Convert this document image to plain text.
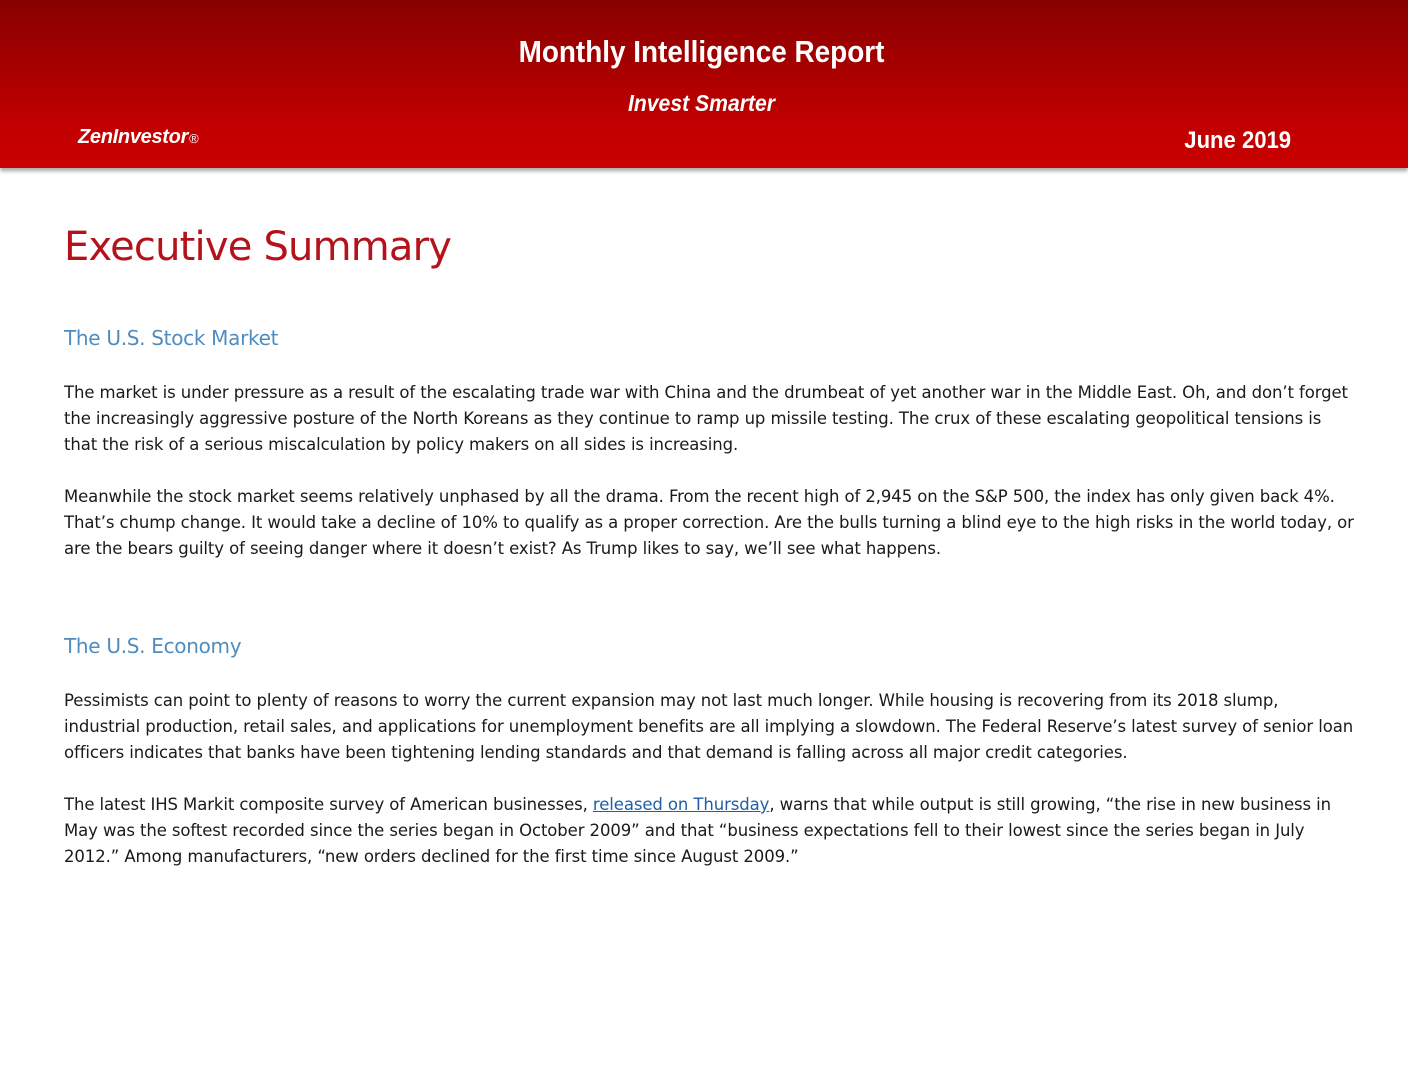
Monthly Intelligence Report
Invest Smarter
ZenInvestor®	June 2019
Executive Summary
The U.S. Stock Market

The market is under pressure as a result of the escalating trade war with China and the drumbeat of yet another war in the Middle East. Oh, and don’t forget the increasingly aggressive posture of the North Koreans as they continue to ramp up missile testing. The crux of these escalating geopolitical tensions is that the risk of a serious miscalculation by policy makers on all sides is increasing.

Meanwhile the stock market seems relatively unphased by all the drama. From the recent high of 2,945 on the S&P 500, the index has only given back 4%. That’s chump change. It would take a decline of 10% to qualify as a proper correction. Are the bulls turning a blind eye to the high risks in the world today, or are the bears guilty of seeing danger where it doesn’t exist? As Trump likes to say, we’ll see what happens.

The U.S. Economy

Pessimists can point to plenty of reasons to worry the current expansion may not last much longer. While housing is recovering from its 2018 slump, industrial production, retail sales, and applications for unemployment benefits are all implying a slowdown. The Federal Reserve’s latest survey of senior loan officers indicates that banks have been tightening lending standards and that demand is falling across all major credit categories.

The latest IHS Markit composite survey of American businesses, released on Thursday, warns that while output is still growing, “the rise in new business in May was the softest recorded since the series began in October 2009” and that “business expectations fell to their lowest since the series began in July 2012.” Among manufacturers, “new orders declined for the first time since August 2009.”
